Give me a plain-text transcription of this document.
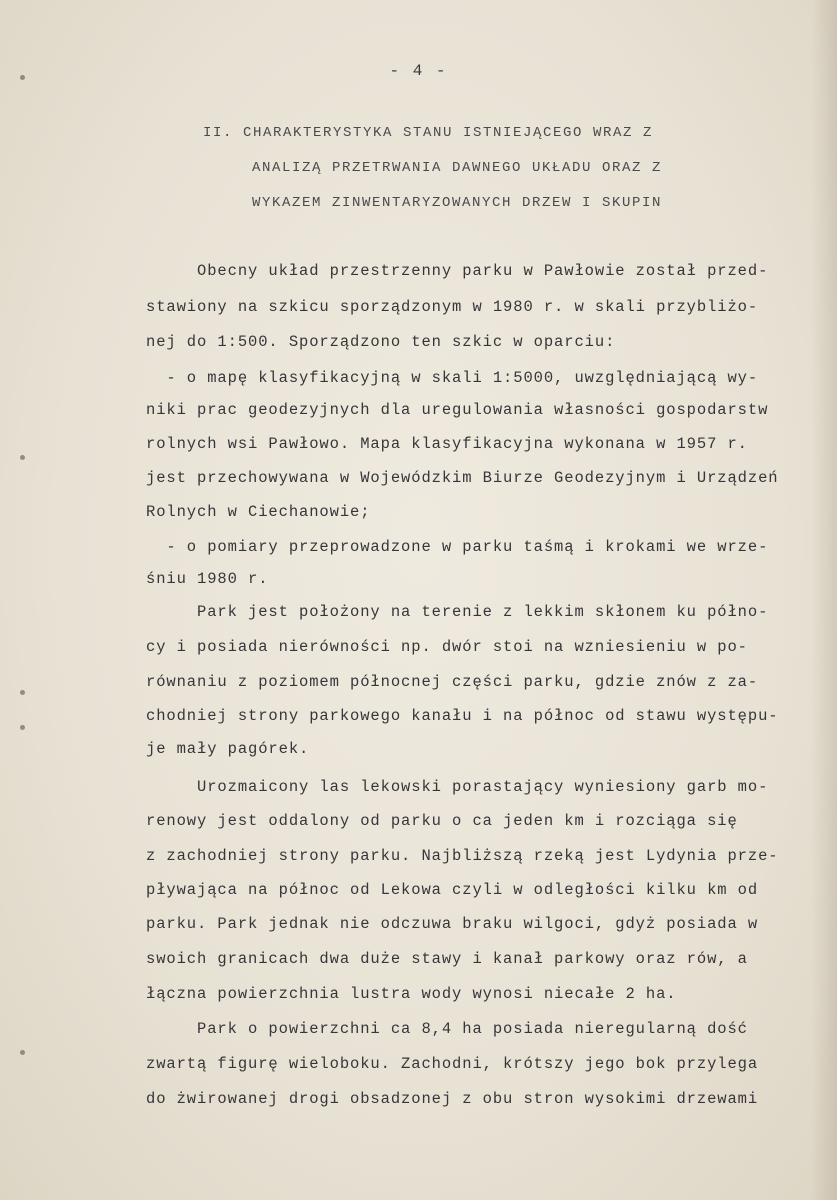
- 4 -
II. CHARAKTERYSTYKA STANU ISTNIEJĄCEGO WRAZ Z
ANALIZĄ PRZETRWANIA DAWNEGO UKŁADU ORAZ Z
WYKAZEM ZINWENTARYZOWANYCH DRZEW I SKUPIN
Obecny układ przestrzenny parku w Pawłowie został przed-
stawiony na szkicu sporządzonym w 1980 r. w skali przybliżo-
nej do 1:500. Sporządzono ten szkic w oparciu:
- o mapę klasyfikacyjną w skali 1:5000, uwzględniającą wy-
niki prac geodezyjnych dla uregulowania własności gospodarstw
rolnych wsi Pawłowo. Mapa klasyfikacyjna wykonana w 1957 r.
jest przechowywana w Wojewódzkim Biurze Geodezyjnym i Urządzeń
Rolnych w Ciechanowie;
- o pomiary przeprowadzone w parku taśmą i krokami we wrze-
śniu 1980 r.
Park jest położony na terenie z lekkim skłonem ku półno-
cy i posiada nierówności np. dwór stoi na wzniesieniu w po-
równaniu z poziomem północnej części parku, gdzie znów z za-
chodniej strony parkowego kanału i na północ od stawu występu-
je mały pagórek.
Urozmaicony las lekowski porastający wyniesiony garb mo-
renowy jest oddalony od parku o ca jeden km i rozciąga się
z zachodniej strony parku. Najbliższą rzeką jest Lydynia prze-
pływająca na północ od Lekowa czyli w odległości kilku km od
parku. Park jednak nie odczuwa braku wilgoci, gdyż posiada w
swoich granicach dwa duże stawy i kanał parkowy oraz rów, a
łączna powierzchnia lustra wody wynosi niecałe 2 ha.
Park o powierzchni ca 8,4 ha posiada nieregularną dość
zwartą figurę wieloboku. Zachodni, krótszy jego bok przylega
do żwirowanej drogi obsadzonej z obu stron wysokimi drzewami
